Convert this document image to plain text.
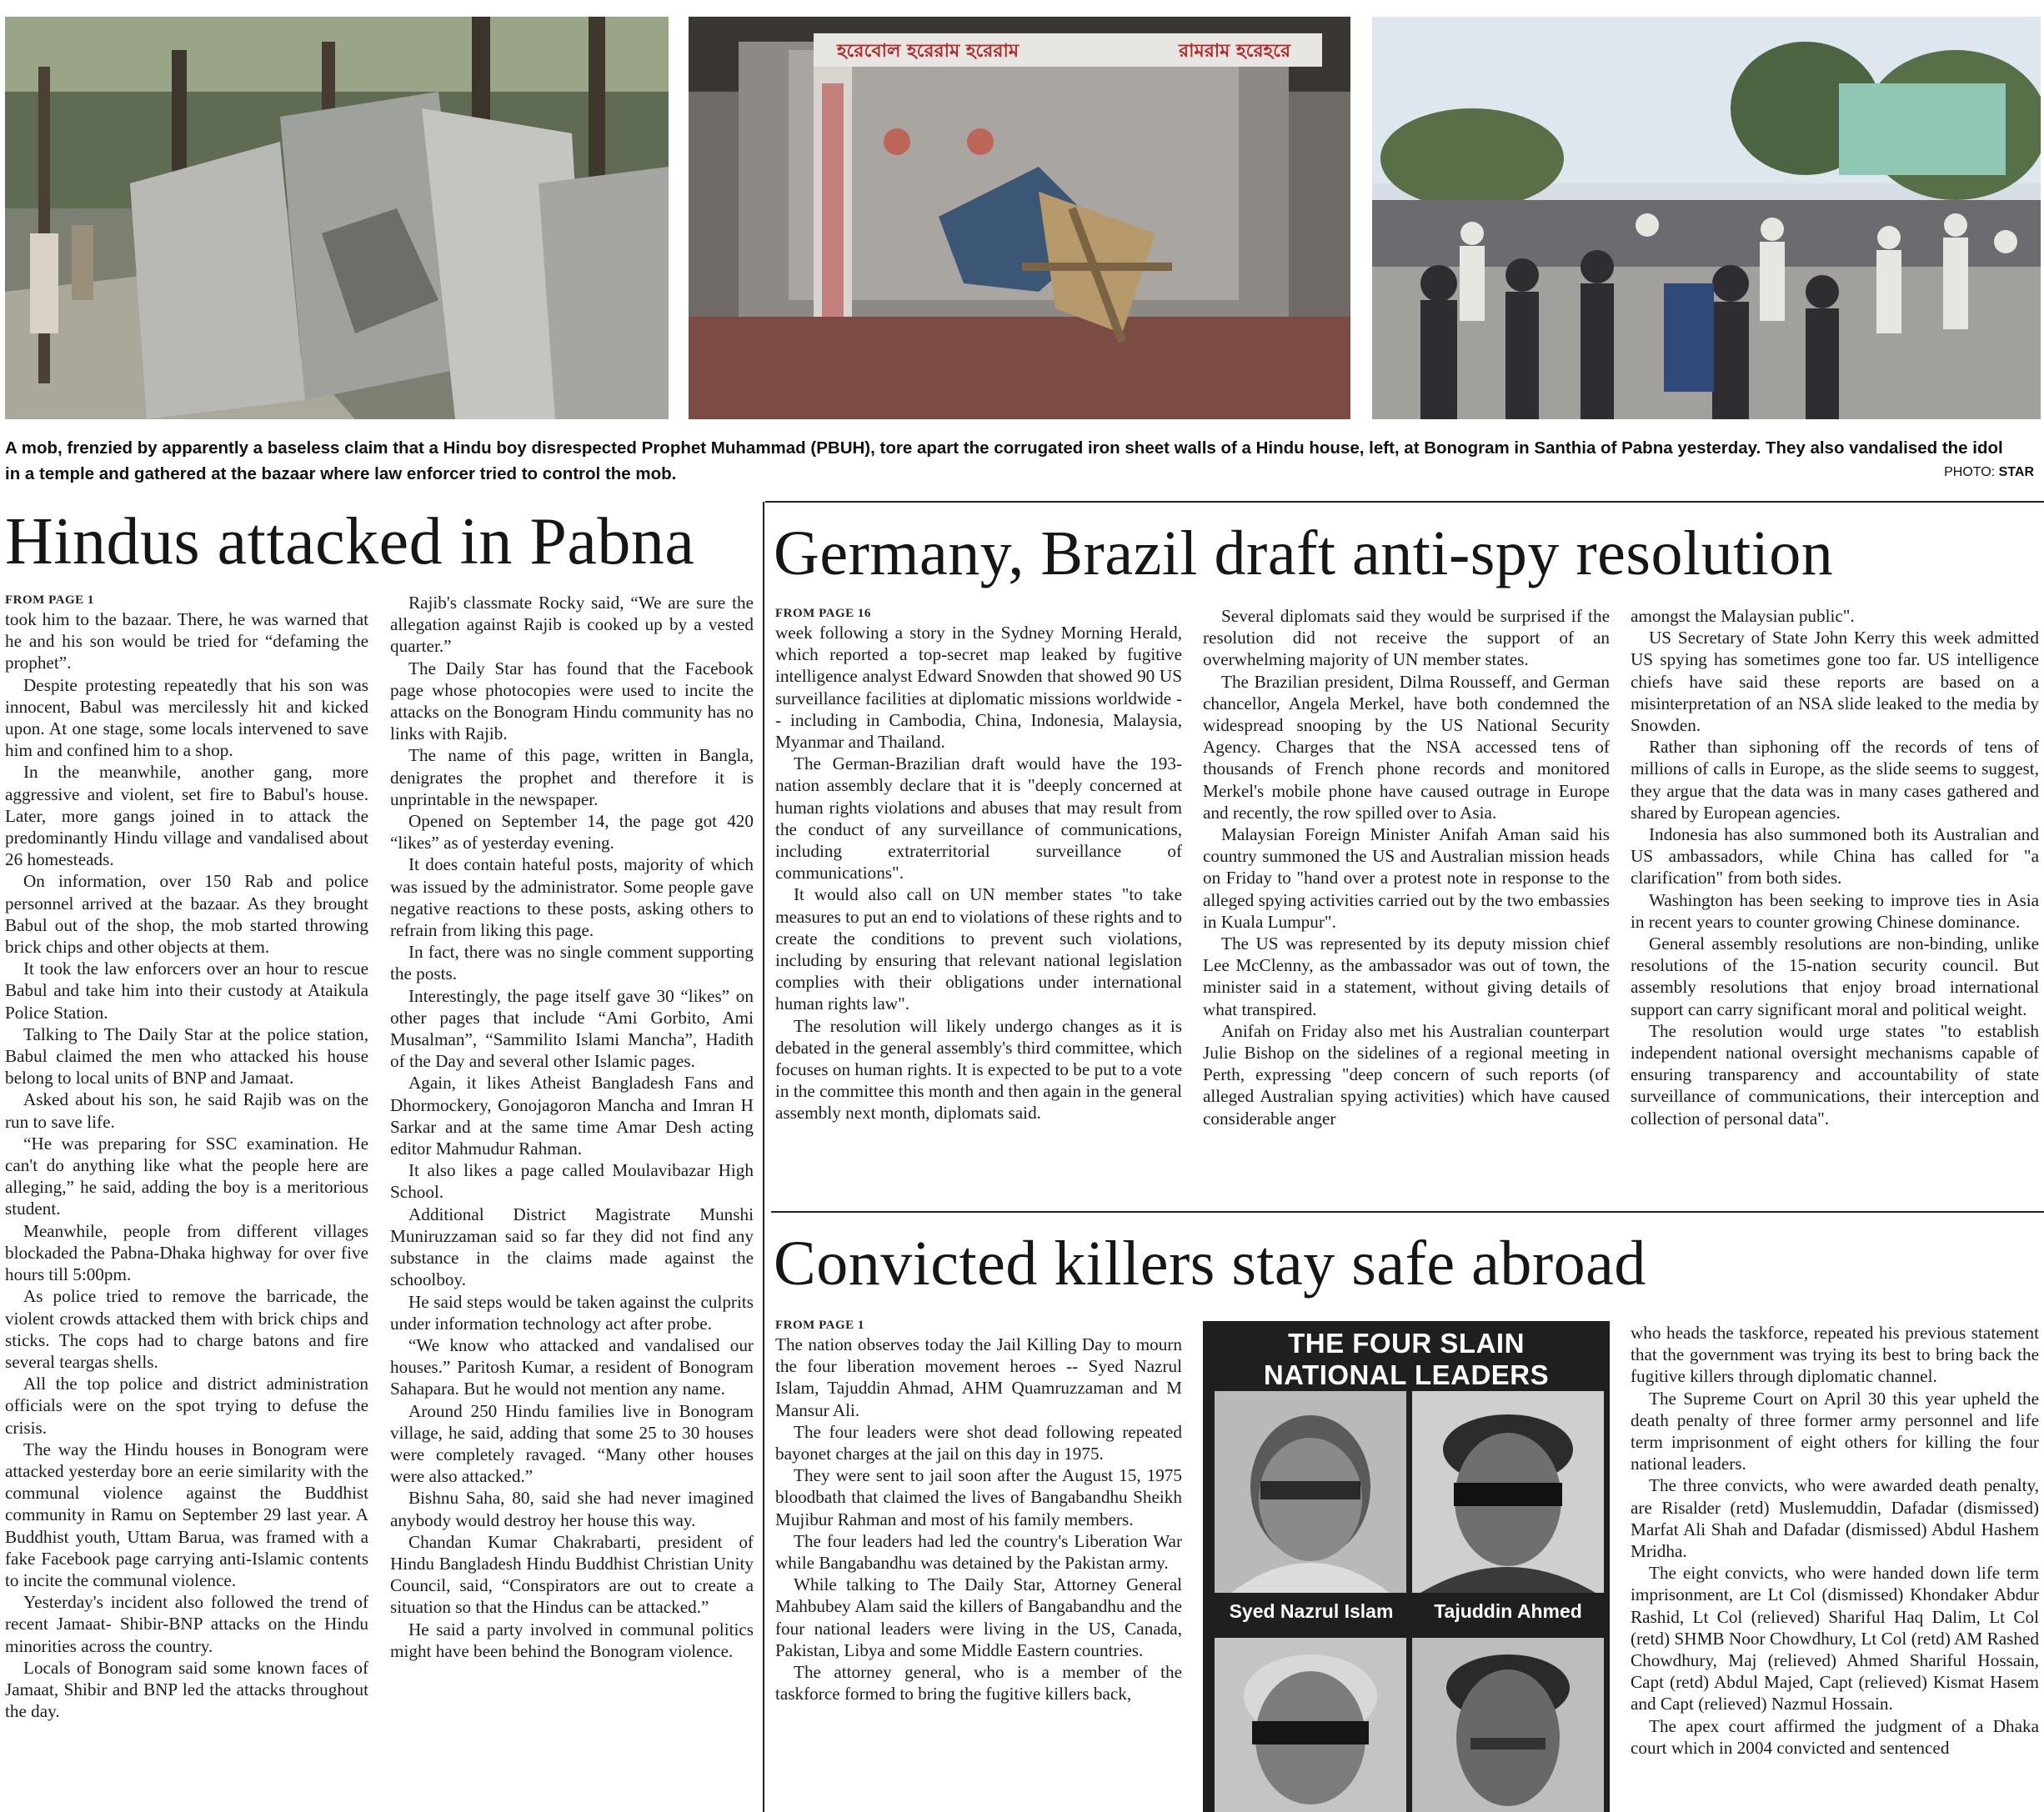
হরেবোল হরেরাম হরেরাম	রামরাম হরেহরে
A mob, frenzied by apparently a baseless claim that a Hindu boy disrespected Prophet Muhammad (PBUH), tore apart the corrugated iron sheet walls of a Hindu house, left, at Bonogram in Santhia of Pabna yesterday. They also vandalised the idol in a temple and gathered at the bazaar where law enforcer tried to control the mob.	PHOTO: STAR
Hindus attacked in Pabna
FROM PAGE 1

took him to the bazaar. There, he was warned that he and his son would be tried for “defaming the prophet”.

Despite protesting repeatedly that his son was innocent, Babul was mercilessly hit and kicked upon. At one stage, some locals intervened to save him and confined him to a shop.

In the meanwhile, another gang, more aggressive and violent, set fire to Babul's house. Later, more gangs joined in to attack the predominantly Hindu village and vandalised about 26 homesteads.

On information, over 150 Rab and police personnel arrived at the bazaar. As they brought Babul out of the shop, the mob started throwing brick chips and other objects at them.

It took the law enforcers over an hour to rescue Babul and take him into their custody at Ataikula Police Station.

Talking to The Daily Star at the police station, Babul claimed the men who attacked his house belong to local units of BNP and Jamaat.

Asked about his son, he said Rajib was on the run to save life.

“He was preparing for SSC examination. He can't do anything like what the people here are alleging,” he said, adding the boy is a meritorious student.

Meanwhile, people from different villages blockaded the Pabna-Dhaka highway for over five hours till 5:00pm.

As police tried to remove the barricade, the violent crowds attacked them with brick chips and sticks. The cops had to charge batons and fire several teargas shells.

All the top police and district administration officials were on the spot trying to defuse the crisis.

The way the Hindu houses in Bonogram were attacked yesterday bore an eerie similarity with the communal violence against the Buddhist community in Ramu on September 29 last year. A Buddhist youth, Uttam Barua, was framed with a fake Facebook page carrying anti-Islamic contents to incite the communal violence.

Yesterday's incident also followed the trend of recent Jamaat- Shibir-BNP attacks on the Hindu minorities across the country.

Locals of Bonogram said some known faces of Jamaat, Shibir and BNP led the attacks throughout the day.

Rajib's classmate Rocky said, “We are sure the allegation against Rajib is cooked up by a vested quarter.”

The Daily Star has found that the Facebook page whose photocopies were used to incite the attacks on the Bonogram Hindu community has no links with Rajib.

The name of this page, written in Bangla, denigrates the prophet and therefore it is unprintable in the newspaper.

Opened on September 14, the page got 420 “likes” as of yesterday evening.

It does contain hateful posts, majority of which was issued by the administrator. Some people gave negative reactions to these posts, asking others to refrain from liking this page.

In fact, there was no single comment supporting the posts.

Interestingly, the page itself gave 30 “likes” on other pages that include “Ami Gorbito, Ami Musalman”, “Sammilito Islami Mancha”, Hadith of the Day and several other Islamic pages.

Again, it likes Atheist Bangladesh Fans and Dhormockery, Gonojagoron Mancha and Imran H Sarkar and at the same time Amar Desh acting editor Mahmudur Rahman.

It also likes a page called Moulavibazar High School.

Additional District Magistrate Munshi Muniruzzaman said so far they did not find any substance in the claims made against the schoolboy.

He said steps would be taken against the culprits under information technology act after probe.

“We know who attacked and vandalised our houses.” Paritosh Kumar, a resident of Bonogram Sahapara. But he would not mention any name.

Around 250 Hindu families live in Bonogram village, he said, adding that some 25 to 30 houses were completely ravaged. “Many other houses were also attacked.”

Bishnu Saha, 80, said she had never imagined anybody would destroy her house this way.

Chandan Kumar Chakrabarti, president of Hindu Bangladesh Hindu Buddhist Christian Unity Council, said, “Conspirators are out to create a situation so that the Hindus can be attacked.”

He said a party involved in communal politics might have been behind the Bonogram violence.

Germany, Brazil draft anti-spy resolution
FROM PAGE 16

week following a story in the Sydney Morning Herald, which reported a top-secret map leaked by fugitive intelligence analyst Edward Snowden that showed 90 US surveillance facilities at diplomatic missions worldwide -- including in Cambodia, China, Indonesia, Malaysia, Myanmar and Thailand.

The German-Brazilian draft would have the 193-nation assembly declare that it is "deeply concerned at human rights violations and abuses that may result from the conduct of any surveillance of communications, including extraterritorial surveillance of communications".

It would also call on UN member states "to take measures to put an end to violations of these rights and to create the conditions to prevent such violations, including by ensuring that relevant national legislation complies with their obligations under international human rights law".

The resolution will likely undergo changes as it is debated in the general assembly's third committee, which focuses on human rights. It is expected to be put to a vote in the committee this month and then again in the general assembly next month, diplomats said.

Several diplomats said they would be surprised if the resolution did not receive the support of an overwhelming majority of UN member states.

The Brazilian president, Dilma Rousseff, and German chancellor, Angela Merkel, have both condemned the widespread snooping by the US National Security Agency. Charges that the NSA accessed tens of thousands of French phone records and monitored Merkel's mobile phone have caused outrage in Europe and recently, the row spilled over to Asia.

Malaysian Foreign Minister Anifah Aman said his country summoned the US and Australian mission heads on Friday to "hand over a protest note in response to the alleged spying activities carried out by the two embassies in Kuala Lumpur".

The US was represented by its deputy mission chief Lee McClenny, as the ambassador was out of town, the minister said in a statement, without giving details of what transpired.

Anifah on Friday also met his Australian counterpart Julie Bishop on the sidelines of a regional meeting in Perth, expressing "deep concern of such reports (of alleged Australian spying activities) which have caused considerable anger

amongst the Malaysian public".

US Secretary of State John Kerry this week admitted US spying has sometimes gone too far. US intelligence chiefs have said these reports are based on a misinterpretation of an NSA slide leaked to the media by Snowden.

Rather than siphoning off the records of tens of millions of calls in Europe, as the slide seems to suggest, they argue that the data was in many cases gathered and shared by European agencies.

Indonesia has also summoned both its Australian and US ambassadors, while China has called for "a clarification" from both sides.

Washington has been seeking to improve ties in Asia in recent years to counter growing Chinese dominance.

General assembly resolutions are non-binding, unlike resolutions of the 15-nation security council. But assembly resolutions that enjoy broad international support can carry significant moral and political weight.

The resolution would urge states "to establish independent national oversight mechanisms capable of ensuring transparency and accountability of state surveillance of communications, their interception and collection of personal data".

Convicted killers stay safe abroad
FROM PAGE 1

The nation observes today the Jail Killing Day to mourn the four liberation movement heroes -- Syed Nazrul Islam, Tajuddin Ahmad, AHM Quamruzzaman and M Mansur Ali.

The four leaders were shot dead following repeated bayonet charges at the jail on this day in 1975.

They were sent to jail soon after the August 15, 1975 bloodbath that claimed the lives of Bangabandhu Sheikh Mujibur Rahman and most of his family members.

The four leaders had led the country's Liberation War while Bangabandhu was detained by the Pakistan army.

While talking to The Daily Star, Attorney General Mahbubey Alam said the killers of Bangabandhu and the four national leaders were living in the US, Canada, Pakistan, Libya and some Middle Eastern countries.

The attorney general, who is a member of the taskforce formed to bring the fugitive killers back,

THE FOUR SLAIN
NATIONAL LEADERS
Syed Nazrul Islam	Tajuddin Ahmed

who heads the taskforce, repeated his previous statement that the government was trying its best to bring back the fugitive killers through diplomatic channel.

The Supreme Court on April 30 this year upheld the death penalty of three former army personnel and life term imprisonment of eight others for killing the four national leaders.

The three convicts, who were awarded death penalty, are Risalder (retd) Muslemuddin, Dafadar (dismissed) Marfat Ali Shah and Dafadar (dismissed) Abdul Hashem Mridha.

The eight convicts, who were handed down life term imprisonment, are Lt Col (dismissed) Khondaker Abdur Rashid, Lt Col (relieved) Shariful Haq Dalim, Lt Col (retd) SHMB Noor Chowdhury, Lt Col (retd) AM Rashed Chowdhury, Maj (relieved) Ahmed Shariful Hossain, Capt (retd) Abdul Majed, Capt (relieved) Kismat Hasem and Capt (relieved) Nazmul Hossain.

The apex court affirmed the judgment of a Dhaka court which in 2004 convicted and sentenced
